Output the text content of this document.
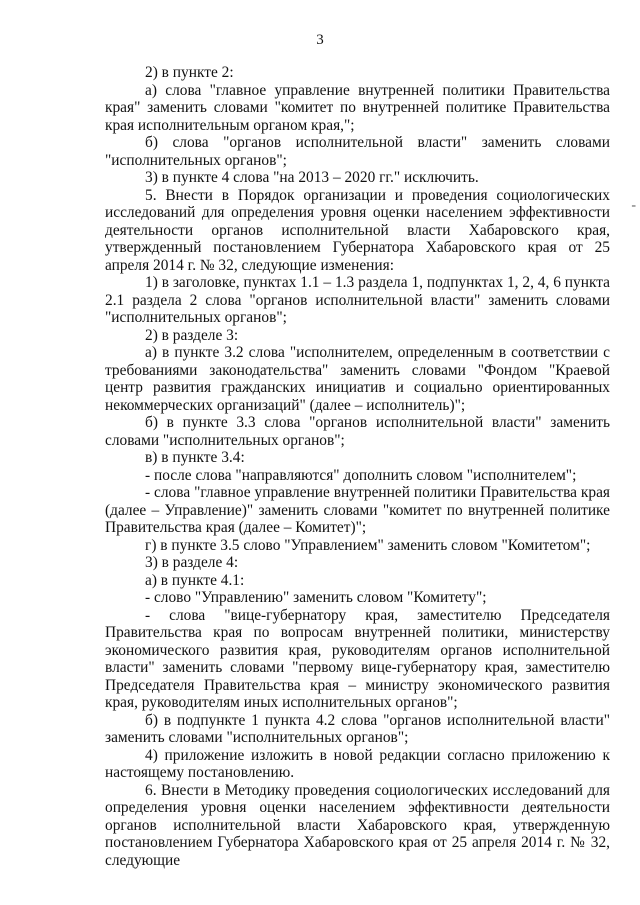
3
-

2) в пункте 2:

а) слова "главное управление внутренней политики Правительства края" заменить словами "комитет по внутренней политике Правительства края исполнительным органом края,";

б) слова "органов исполнительной власти" заменить словами "исполнительных органов";

3) в пункте 4 слова "на 2013 – 2020 гг." исключить.

5. Внести в Порядок организации и проведения социологических исследований для определения уровня оценки населением эффективности деятельности органов исполнительной власти Хабаровского края, утвержденный постановлением Губернатора Хабаровского края от 25 апреля 2014 г. № 32, следующие изменения:

1) в заголовке, пунктах 1.1 – 1.3 раздела 1, подпунктах 1, 2, 4, 6 пункта 2.1 раздела 2 слова "органов исполнительной власти" заменить словами "исполнительных органов";

2) в разделе 3:

а) в пункте 3.2 слова "исполнителем, определенным в соответствии с требованиями законодательства" заменить словами "Фондом "Краевой центр развития гражданских инициатив и социально ориентированных некоммерческих организаций" (далее – исполнитель)";

б) в пункте 3.3 слова "органов исполнительной власти" заменить словами "исполнительных органов";

в) в пункте 3.4:

- после слова "направляются" дополнить словом "исполнителем";

- слова "главное управление внутренней политики Правительства края (далее – Управление)" заменить словами "комитет по внутренней политике Правительства края (далее – Комитет)";

г) в пункте 3.5 слово "Управлением" заменить словом "Комитетом";

3) в разделе 4:

а) в пункте 4.1:

- слово "Управлению" заменить словом "Комитету";

- слова "вице-губернатору края, заместителю Председателя Правительства края по вопросам внутренней политики, министерству экономического развития края, руководителям органов исполнительной власти" заменить словами "первому вице-губернатору края, заместителю Председателя Правительства края – министру экономического развития края, руководителям иных исполнительных органов";

б) в подпункте 1 пункта 4.2 слова "органов исполнительной власти" заменить словами "исполнительных органов";

4) приложение изложить в новой редакции согласно приложению к настоящему постановлению.

6. Внести в Методику проведения социологических исследований для определения уровня оценки населением эффективности деятельности органов исполнительной власти Хабаровского края, утвержденную постановлением Губернатора Хабаровского края от 25 апреля 2014 г. № 32, следующие
